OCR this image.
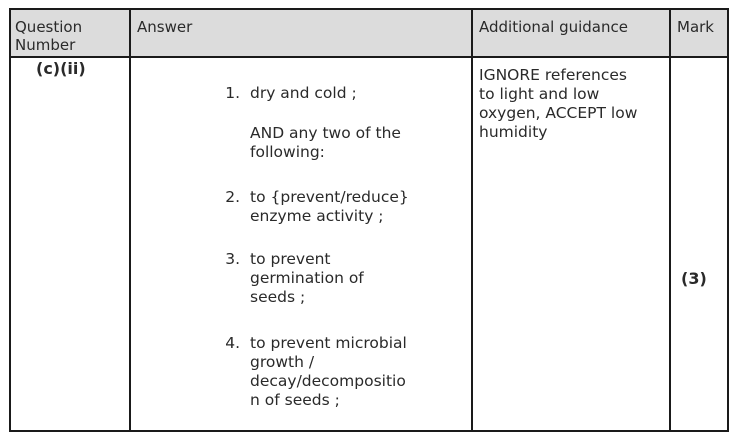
Question
Number
Answer	Additional guidance	Mark
(c)(ii)
1. dry and cold ;
AND any two of the
following:
2. to {prevent/reduce}
enzyme activity ;
3. to prevent
germination of
seeds ;
4. to prevent microbial
growth /
decay/decompositio
n of seeds ;
IGNORE references
to light and low
oxygen, ACCEPT low
humidity
(3)
